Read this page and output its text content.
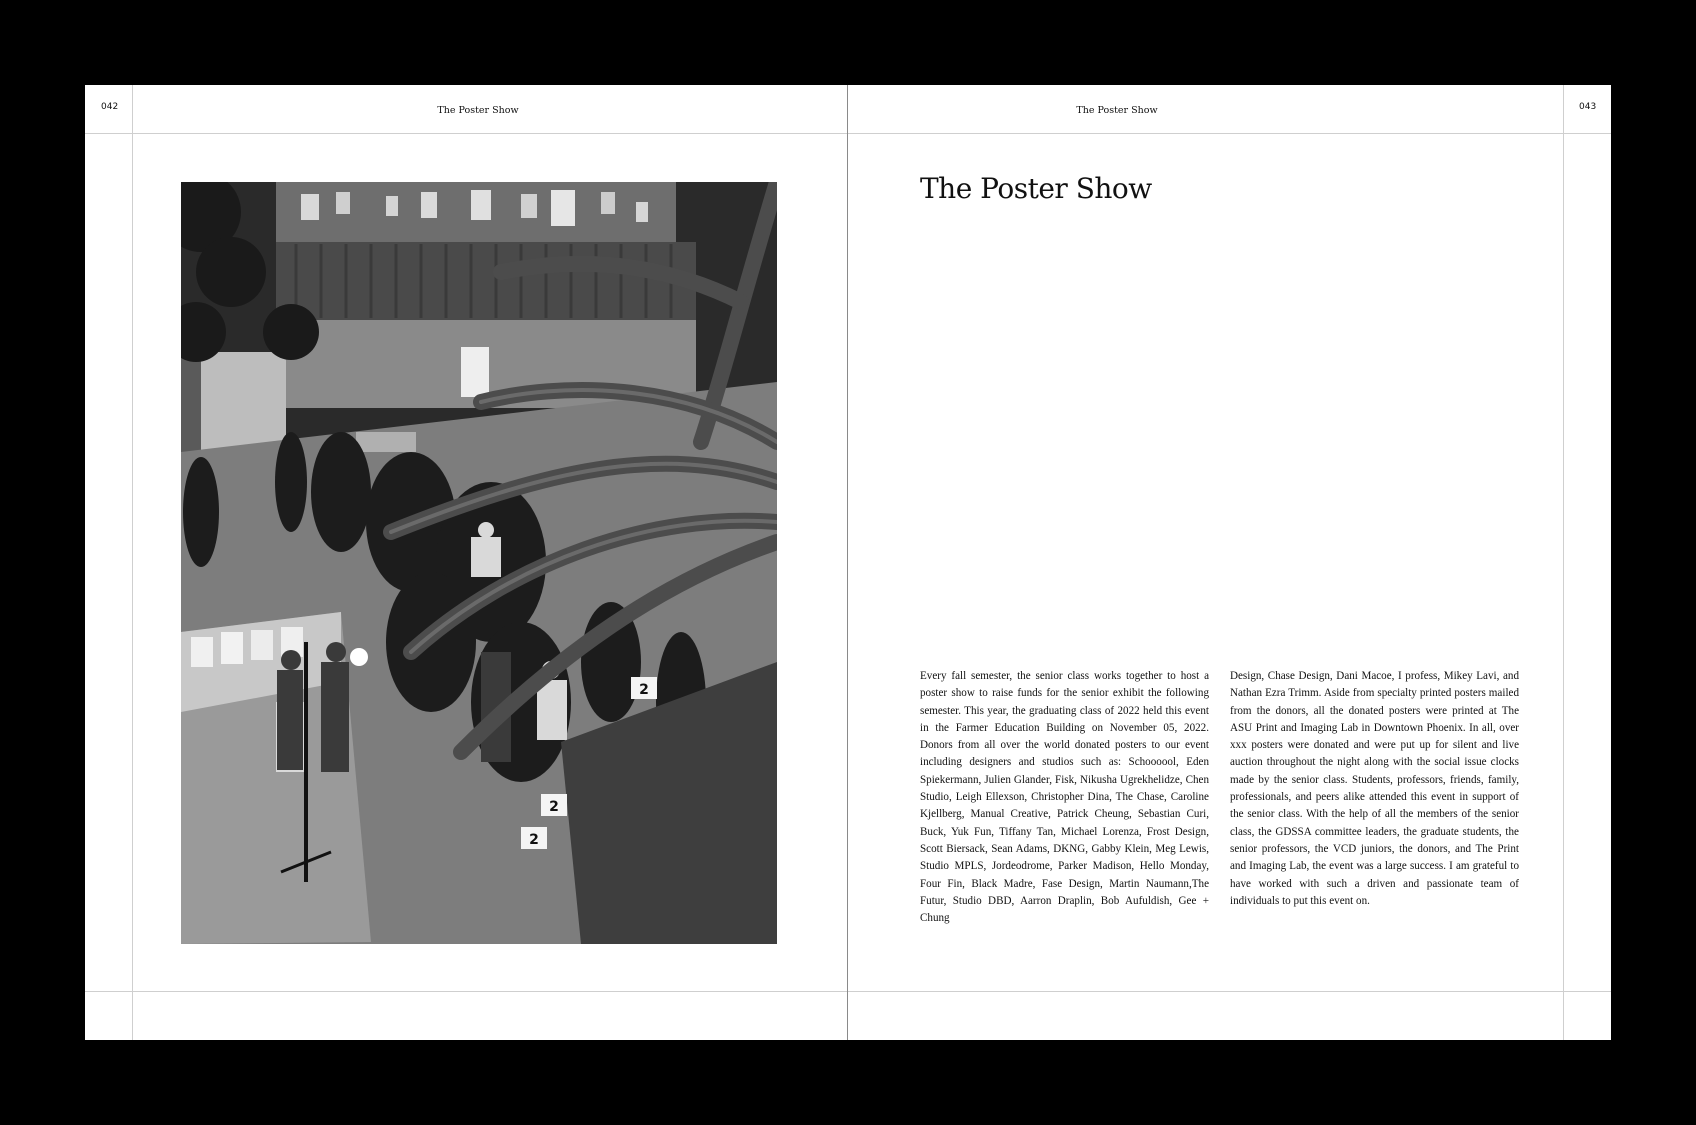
042	The Poster Show	The Poster Show	043
2
2
2
The Poster Show

Every fall semester, the senior class works together to host a poster show to raise funds for the senior exhibit the following semester. This year, the graduating class of 2022 held this event in the Farmer Education Building on November 05, 2022. Donors from all over the world donated posters to our event including designers and studios such as: Schoooool, Eden Spiekermann, Julien Glander, Fisk, Nikusha Ugrekhelidze, Chen Studio, Leigh Ellexson, Christopher Dina, The Chase, Caroline Kjellberg, Manual Creative, Patrick Cheung, Sebastian Curi, Buck, Yuk Fun, Tiffany Tan, Michael Lorenza, Frost Design, Scott Biersack, Sean Adams, DKNG, Gabby Klein, Meg Lewis, Studio MPLS, Jordeodrome, Parker Madison, Hello Monday, Four Fin, Black Madre, Fase Design, Martin Naumann,The Futur, Studio DBD, Aarron Draplin, Bob Aufuldish, Gee + Chung

Design, Chase Design, Dani Macoe, I profess, Mikey Lavi, and Nathan Ezra Trimm. Aside from specialty printed posters mailed from the donors, all the donated posters were printed at The ASU Print and Imaging Lab in Downtown Phoenix. In all, over xxx posters were donated and were put up for silent and live auction throughout the night along with the social issue clocks made by the senior class. Students, professors, friends, family, professionals, and peers alike attended this event in support of the senior class. With the help of all the members of the senior class, the GDSSA committee leaders, the graduate students, the senior professors, the VCD juniors, the donors, and The Print and Imaging Lab, the event was a large success. I am grateful to have worked with such a driven and passionate team of individuals to put this event on.
